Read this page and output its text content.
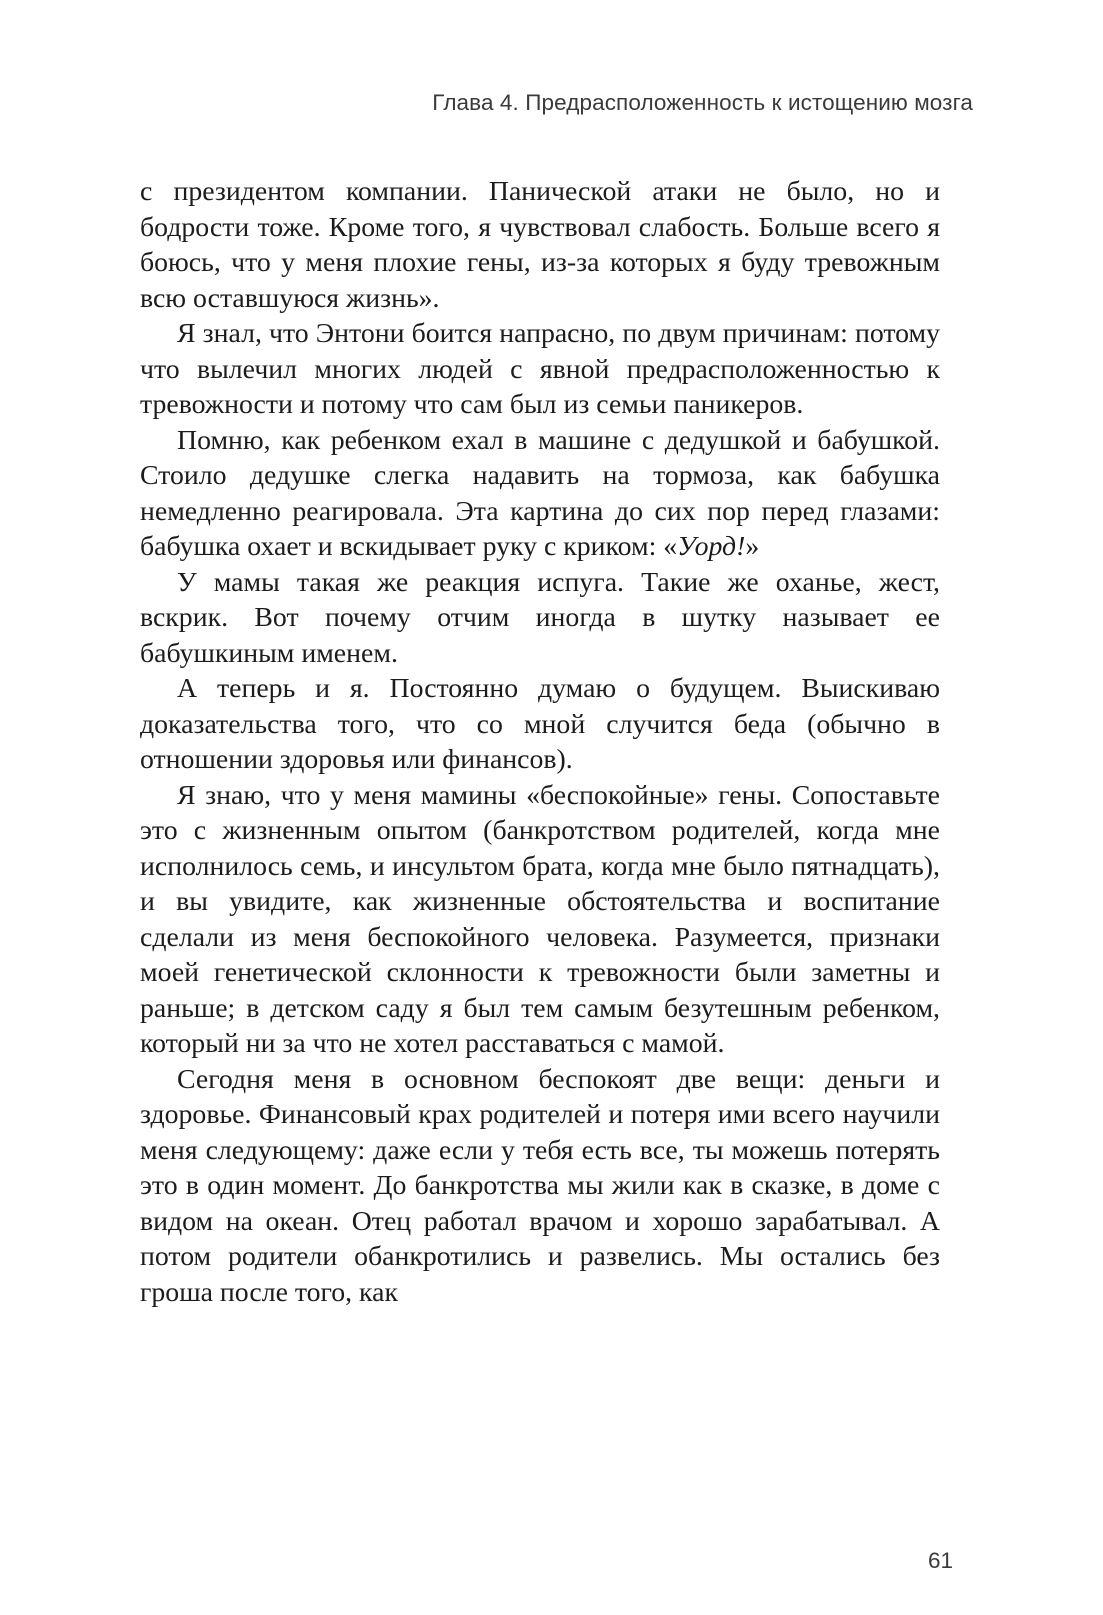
Глава 4. Предрасположенность к истощению мозга

с президентом компании. Панической атаки не было, но и бодрости тоже. Кроме того, я чувствовал слабость. Больше всего я боюсь, что у меня плохие гены, из-за которых я буду тревожным всю оставшуюся жизнь».

Я знал, что Энтони боится напрасно, по двум причинам: потому что вылечил многих людей с явной предрасположенностью к тревожности и потому что сам был из семьи паникеров.

Помню, как ребенком ехал в машине с дедушкой и бабушкой. Стоило дедушке слегка надавить на тормоза, как бабушка немедленно реагировала. Эта картина до сих пор перед глазами: бабушка охает и вскидывает руку с криком: «Уорд!»

У мамы такая же реакция испуга. Такие же оханье, жест, вскрик. Вот почему отчим иногда в шутку называет ее бабушкиным именем.

А теперь и я. Постоянно думаю о будущем. Выискиваю доказательства того, что со мной случится беда (обычно в отношении здоровья или финансов).

Я знаю, что у меня мамины «беспокойные» гены. Сопоставьте это с жизненным опытом (банкротством родителей, когда мне исполнилось семь, и инсультом брата, когда мне было пятнадцать), и вы увидите, как жизненные обстоятельства и воспитание сделали из меня беспокойного человека. Разумеется, признаки моей генетической склонности к тревожности были заметны и раньше; в детском саду я был тем самым безутешным ребенком, который ни за что не хотел расставаться с мамой.

Сегодня меня в основном беспокоят две вещи: деньги и здоровье. Финансовый крах родителей и потеря ими всего научили меня следующему: даже если у тебя есть все, ты можешь потерять это в один момент. До банкротства мы жили как в сказке, в доме с видом на океан. Отец работал врачом и хорошо зарабатывал. А потом родители обанкротились и развелись. Мы остались без гроша после того, как

61
